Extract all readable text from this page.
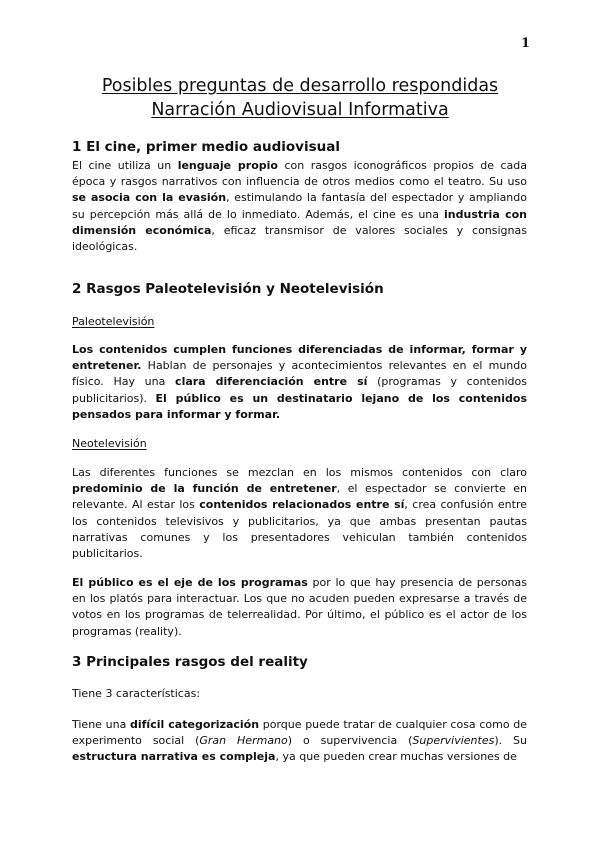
1
Posibles preguntas de desarrollo respondidas
Narración Audiovisual Informativa
1 El cine, primer medio audiovisual

El cine utiliza un lenguaje propio con rasgos iconográficos propios de cada época y rasgos narrativos con influencia de otros medios como el teatro. Su uso se asocia con la evasión, estimulando la fantasía del espectador y ampliando su percepción más allá de lo inmediato. Además, el cine es una industria con dimensión económica, eficaz transmisor de valores sociales y consignas ideológicas.

2 Rasgos Paleotelevisión y Neotelevisión
Paleotelevisión

Los contenidos cumplen funciones diferenciadas de informar, formar y entretener. Hablan de personajes y acontecimientos relevantes en el mundo físico. Hay una clara diferenciación entre sí (programas y contenidos publicitarios). El público es un destinatario lejano de los contenidos pensados para informar y formar.

Neotelevisión

Las diferentes funciones se mezclan en los mismos contenidos con claro predominio de la función de entretener, el espectador se convierte en relevante. Al estar los contenidos relacionados entre sí, crea confusión entre los contenidos televisivos y publicitarios, ya que ambas presentan pautas narrativas comunes y los presentadores vehiculan también contenidos publicitarios.

El público es el eje de los programas por lo que hay presencia de personas en los platós para interactuar. Los que no acuden pueden expresarse a través de votos en los programas de telerrealidad. Por último, el público es el actor de los programas (reality).

3 Principales rasgos del reality

Tiene 3 características:

Tiene una difícil categorización porque puede tratar de cualquier cosa como de experimento social (Gran Hermano) o supervivencia (Supervivientes). Su estructura narrativa es compleja, ya que pueden crear muchas versiones de
